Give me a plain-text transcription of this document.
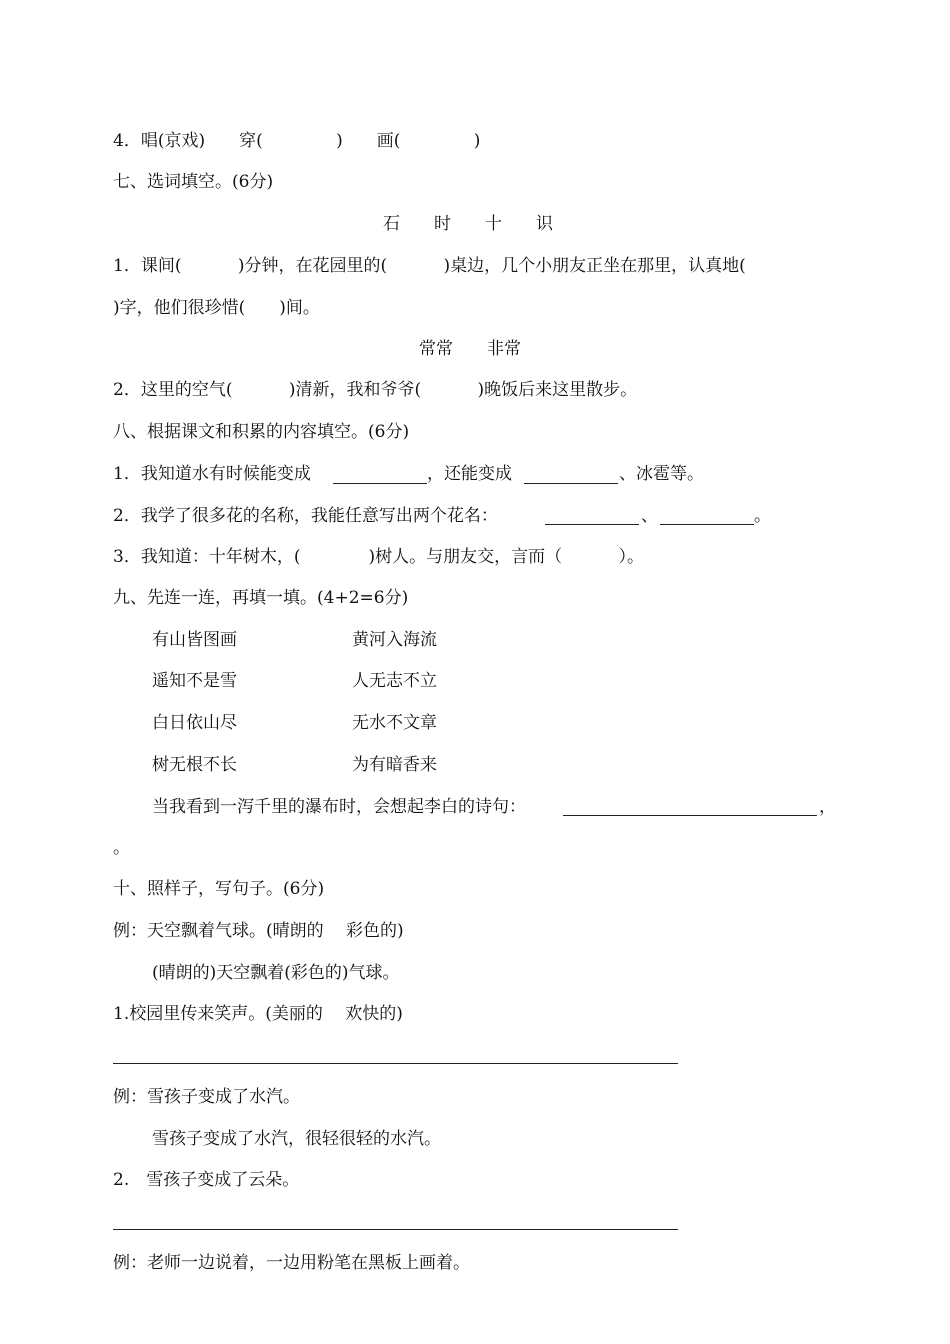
4．唱(京戏)　　穿(　　　　 )　　画(　　　　 )
七、选词填空。(6分)
石　　时　　十　　识
1．课间(　　　 )分钟，在花园里的(　　　 )桌边，几个小朋友正坐在那里，认真地(
)字，他们很珍惜(　　)间。
常常　　非常
2．这里的空气(　　　 )清新，我和爷爷(　　　 )晚饭后来这里散步。
八、根据课文和积累的内容填空。(6分)
1．我知道水有时候能变成	，还能变成	、冰雹等。
2．我学了很多花的名称，我能任意写出两个花名：	、	。
3．我知道：十年树木，(　　　　)树人。与朋友交，言而（　　　 ）。
九、先连一连，再填一填。(4+2=6分)
有山皆图画	黄河入海流
遥知不是雪	人无志不立
白日依山尽	无水不文章
树无根不长	为有暗香来
当我看到一泻千里的瀑布时，会想起李白的诗句：	，
。
十、照样子，写句子。(6分)
例：天空飘着气球。(晴朗的　 彩色的)
(晴朗的)天空飘着(彩色的)气球。
1.校园里传来笑声。(美丽的　 欢快的)
例：雪孩子变成了水汽。
雪孩子变成了水汽，很轻很轻的水汽。
2.　雪孩子变成了云朵。
例：老师一边说着，一边用粉笔在黑板上画着。
